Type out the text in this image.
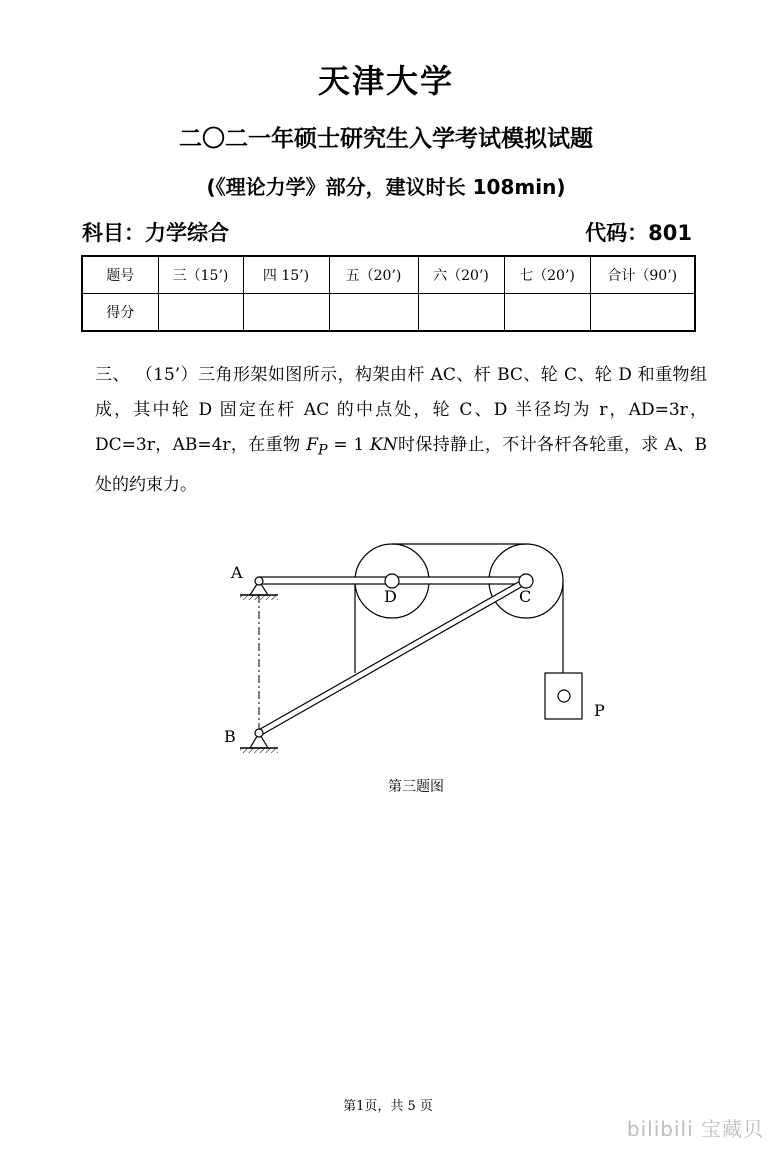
天津大学
二〇二一年硕士研究生入学考试模拟试题
(《理论力学》部分，建议时长 108min)
科目：力学综合	代码：801
题号	三（15’)	四 15’)	五（20’)	六（20’)	七（20’)	合计（90’)
得分						

三、 （15’）三角形架如图所示，构架由杆 AC、杆 BC、轮 C、轮 D 和重物组成，其中轮 D 固定在杆 AC 的中点处，轮 C、D 半径均为 r，AD=3r，DC=3r，AB=4r，在重物 $F_P = 1$ KN时保持静止，不计各杆各轮重，求 A、B 处的约束力。

A
B
D	C
P
第三题图
第1页，共 5 页
bilibili 宝藏贝
